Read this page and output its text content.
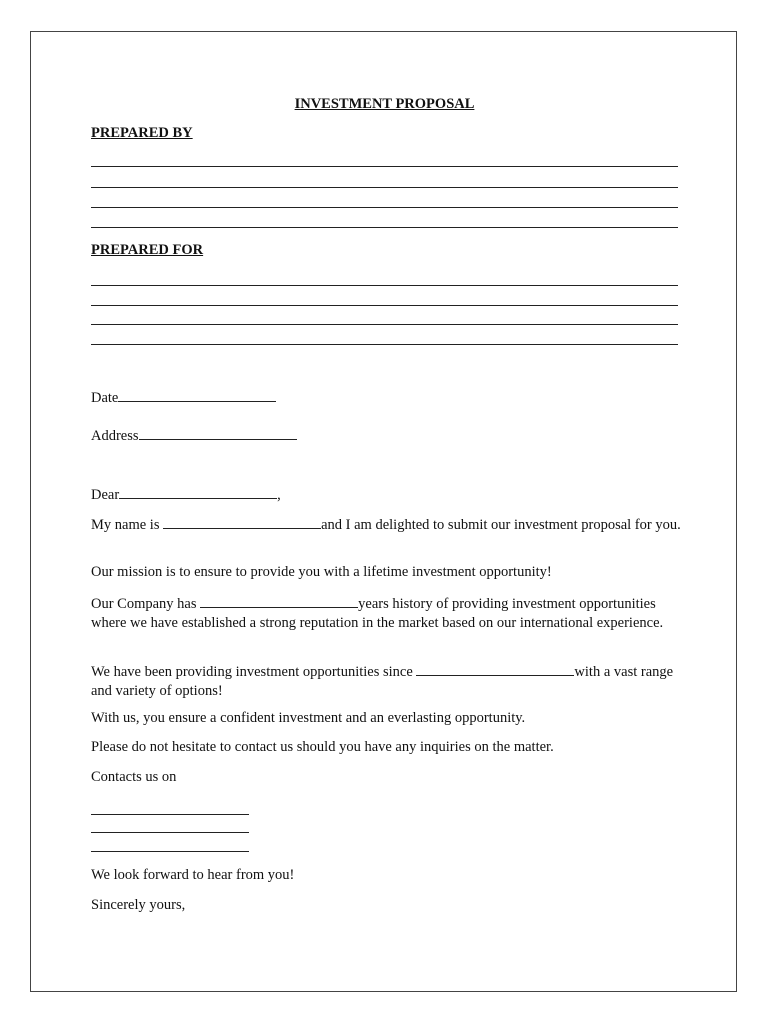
INVESTMENT PROPOSAL
PREPARED BY
PREPARED FOR
Date
Address
Dear	,
My name is	and I am delighted to submit our investment proposal for you.
Our mission is to ensure to provide you with a lifetime investment opportunity!
Our Company has	years history of providing investment opportunities where we have established a strong reputation in the market based on our international experience.
We have been providing investment opportunities since	with a vast range and variety of options!
With us, you ensure a confident investment and an everlasting opportunity.
Please do not hesitate to contact us should you have any inquiries on the matter.
Contacts us on
We look forward to hear from you!
Sincerely yours,
